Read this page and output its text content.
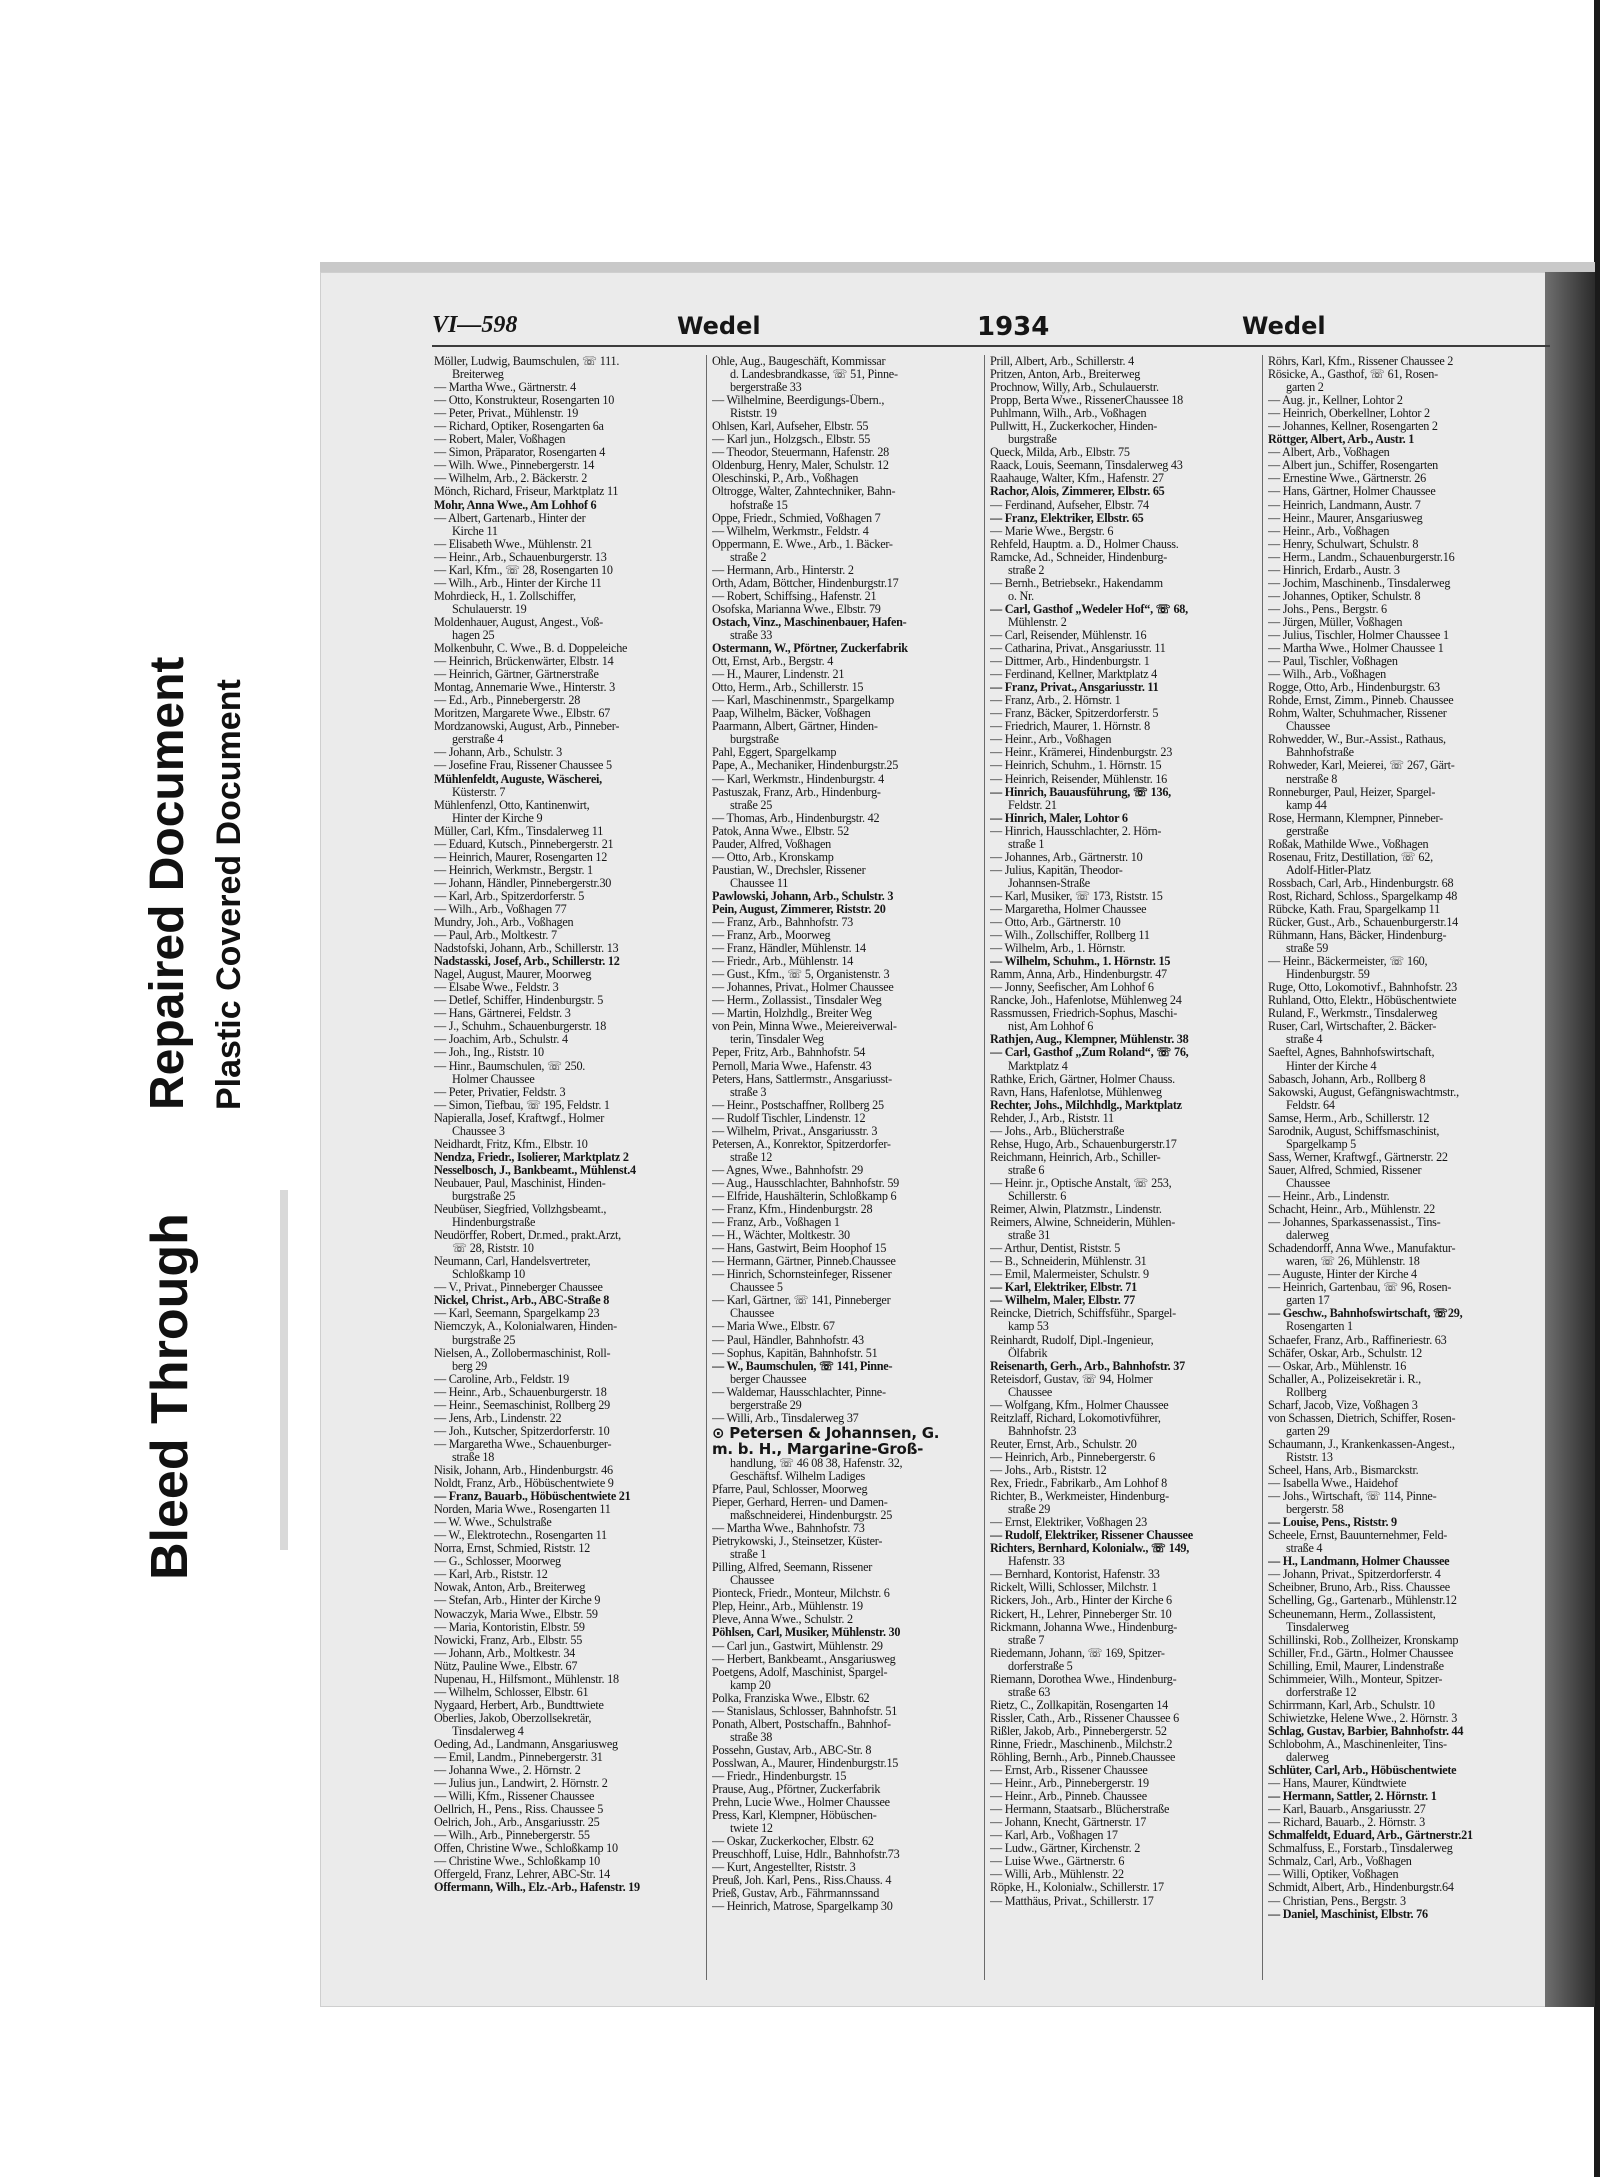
Bleed Through
Repaired Document Plastic Covered Document
VI—598	Wedel	1934	Wedel
Möller, Ludwig, Baumschulen, ☏ 111.
Breiterweg
— Martha Wwe., Gärtnerstr. 4
— Otto, Konstrukteur, Rosengarten 10
— Peter, Privat., Mühlenstr. 19
— Richard, Optiker, Rosengarten 6a
— Robert, Maler, Voßhagen
— Simon, Präparator, Rosengarten 4
— Wilh. Wwe., Pinnebergerstr. 14
— Wilhelm, Arb., 2. Bäckerstr. 2
Mönch, Richard, Friseur, Marktplatz 11
Mohr, Anna Wwe., Am Lohhof 6
— Albert, Gartenarb., Hinter der
Kirche 11
— Elisabeth Wwe., Mühlenstr. 21
— Heinr., Arb., Schauenburgerstr. 13
— Karl, Kfm., ☏ 28, Rosengarten 10
— Wilh., Arb., Hinter der Kirche 11
Mohrdieck, H., 1. Zollschiffer,
Schulauerstr. 19
Moldenhauer, August, Angest., Voß-
hagen 25
Molkenbuhr, C. Wwe., B. d. Doppeleiche
— Heinrich, Brückenwärter, Elbstr. 14
— Heinrich, Gärtner, Gärtnerstraße
Montag, Annemarie Wwe., Hinterstr. 3
— Ed., Arb., Pinnebergerstr. 28
Moritzen, Margarete Wwe., Elbstr. 67
Mordzanowski, August, Arb., Pinneber-
gerstraße 4
— Johann, Arb., Schulstr. 3
— Josefine Frau, Rissener Chaussee 5
Mühlenfeldt, Auguste, Wäscherei,
Küsterstr. 7
Mühlenfenzl, Otto, Kantinenwirt,
Hinter der Kirche 9
Müller, Carl, Kfm., Tinsdalerweg 11
— Eduard, Kutsch., Pinnebergerstr. 21
— Heinrich, Maurer, Rosengarten 12
— Heinrich, Werkmstr., Bergstr. 1
— Johann, Händler, Pinnebergerstr.30
— Karl, Arb., Spitzerdorferstr. 5
— Wilh., Arb., Voßhagen 77
Mundry, Joh., Arb., Voßhagen
— Paul, Arb., Moltkestr. 7
Nadstofski, Johann, Arb., Schillerstr. 13
Nadstasski, Josef, Arb., Schillerstr. 12
Nagel, August, Maurer, Moorweg
— Elsabe Wwe., Feldstr. 3
— Detlef, Schiffer, Hindenburgstr. 5
— Hans, Gärtnerei, Feldstr. 3
— J., Schuhm., Schauenburgerstr. 18
— Joachim, Arb., Schulstr. 4
— Joh., Ing., Riststr. 10
— Hinr., Baumschulen, ☏ 250.
Holmer Chaussee
— Peter, Privatier, Feldstr. 3
— Simon, Tiefbau, ☏ 195, Feldstr. 1
Napieralla, Josef, Kraftwgf., Holmer
Chaussee 3
Neidhardt, Fritz, Kfm., Elbstr. 10
Nendza, Friedr., Isolierer, Marktplatz 2
Nesselbosch, J., Bankbeamt., Mühlenst.4
Neubauer, Paul, Maschinist, Hinden-
burgstraße 25
Neubüser, Siegfried, Vollzhgsbeamt.,
Hindenburgstraße
Neudörffer, Robert, Dr.med., prakt.Arzt,
☏ 28, Riststr. 10
Neumann, Carl, Handelsvertreter,
Schloßkamp 10
— V., Privat., Pinneberger Chaussee
Nickel, Christ., Arb., ABC-Straße 8
— Karl, Seemann, Spargelkamp 23
Niemczyk, A., Kolonialwaren, Hinden-
burgstraße 25
Nielsen, A., Zollobermaschinist, Roll-
berg 29
— Caroline, Arb., Feldstr. 19
— Heinr., Arb., Schauenburgerstr. 18
— Heinr., Seemaschinist, Rollberg 29
— Jens, Arb., Lindenstr. 22
— Joh., Kutscher, Spitzerdorferstr. 10
— Margaretha Wwe., Schauenburger-
straße 18
Nisik, Johann, Arb., Hindenburgstr. 46
Noldt, Franz, Arb., Höbüschentwiete 9
— Franz, Bauarb., Höbüschentwiete 21
Norden, Maria Wwe., Rosengarten 11
— W. Wwe., Schulstraße
— W., Elektrotechn., Rosengarten 11
Norra, Ernst, Schmied, Riststr. 12
— G., Schlosser, Moorweg
— Karl, Arb., Riststr. 12
Nowak, Anton, Arb., Breiterweg
— Stefan, Arb., Hinter der Kirche 9
Nowaczyk, Maria Wwe., Elbstr. 59
— Maria, Kontoristin, Elbstr. 59
Nowicki, Franz, Arb., Elbstr. 55
— Johann, Arb., Moltkestr. 34
Nütz, Pauline Wwe., Elbstr. 67
Nupenau, H., Hilfsmont., Mühlenstr. 18
— Wilhelm, Schlosser, Elbstr. 61
Nygaard, Herbert, Arb., Bundttwiete
Oberlies, Jakob, Oberzollsekretär,
Tinsdalerweg 4
Oeding, Ad., Landmann, Ansgariusweg
— Emil, Landm., Pinnebergerstr. 31
— Johanna Wwe., 2. Hörnstr. 2
— Julius jun., Landwirt, 2. Hörnstr. 2
— Willi, Kfm., Rissener Chaussee
Oellrich, H., Pens., Riss. Chaussee 5
Oelrich, Joh., Arb., Ansgariusstr. 25
— Wilh., Arb., Pinnebergerstr. 55
Offen, Christine Wwe., Schloßkamp 10
— Christine Wwe., Schloßkamp 10
Offergeld, Franz, Lehrer, ABC-Str. 14
Offermann, Wilh., Elz.-Arb., Hafenstr. 19
Ohle, Aug., Baugeschäft, Kommissar
d. Landesbrandkasse, ☏ 51, Pinne-
bergerstraße 33
— Wilhelmine, Beerdigungs-Übern.,
Riststr. 19
Ohlsen, Karl, Aufseher, Elbstr. 55
— Karl jun., Holzgsch., Elbstr. 55
— Theodor, Steuermann, Hafenstr. 28
Oldenburg, Henry, Maler, Schulstr. 12
Oleschinski, P., Arb., Voßhagen
Oltrogge, Walter, Zahntechniker, Bahn-
hofstraße 15
Oppe, Friedr., Schmied, Voßhagen 7
— Wilhelm, Werkmstr., Feldstr. 4
Oppermann, E. Wwe., Arb., 1. Bäcker-
straße 2
— Hermann, Arb., Hinterstr. 2
Orth, Adam, Böttcher, Hindenburgstr.17
— Robert, Schiffsing., Hafenstr. 21
Osofska, Marianna Wwe., Elbstr. 79
Ostach, Vinz., Maschinenbauer, Hafen-
straße 33
Ostermann, W., Pförtner, Zuckerfabrik
Ott, Ernst, Arb., Bergstr. 4
— H., Maurer, Lindenstr. 21
Otto, Herm., Arb., Schillerstr. 15
— Karl, Maschinenmstr., Spargelkamp
Paap, Wilhelm, Bäcker, Voßhagen
Paarmann, Albert, Gärtner, Hinden-
burgstraße
Pahl, Eggert, Spargelkamp
Pape, A., Mechaniker, Hindenburgstr.25
— Karl, Werkmstr., Hindenburgstr. 4
Pastuszak, Franz, Arb., Hindenburg-
straße 25
— Thomas, Arb., Hindenburgstr. 42
Patok, Anna Wwe., Elbstr. 52
Pauder, Alfred, Voßhagen
— Otto, Arb., Kronskamp
Paustian, W., Drechsler, Rissener
Chaussee 11
Pawlowski, Johann, Arb., Schulstr. 3
Pein, August, Zimmerer, Riststr. 20
— Franz, Arb., Bahnhofstr. 73
— Franz, Arb., Moorweg
— Franz, Händler, Mühlenstr. 14
— Friedr., Arb., Mühlenstr. 14
— Gust., Kfm., ☏ 5, Organistenstr. 3
— Johannes, Privat., Holmer Chaussee
— Herm., Zollassist., Tinsdaler Weg
— Martin, Holzhdlg., Breiter Weg
von Pein, Minna Wwe., Meiereiverwal-
terin, Tinsdaler Weg
Peper, Fritz, Arb., Bahnhofstr. 54
Pernoll, Maria Wwe., Hafenstr. 43
Peters, Hans, Sattlermstr., Ansgariusst-
straße 3
— Heinr., Postschaffner, Rollberg 25
— Rudolf Tischler, Lindenstr. 12
— Wilhelm, Privat., Ansgariusstr. 3
Petersen, A., Konrektor, Spitzerdorfer-
straße 12
— Agnes, Wwe., Bahnhofstr. 29
— Aug., Hausschlachter, Bahnhofstr. 59
— Elfride, Haushälterin, Schloßkamp 6
— Franz, Kfm., Hindenburgstr. 28
— Franz, Arb., Voßhagen 1
— H., Wächter, Moltkestr. 30
— Hans, Gastwirt, Beim Hoophof 15
— Hermann, Gärtner, Pinneb.Chaussee
— Hinrich, Schornsteinfeger, Rissener
Chaussee 5
— Karl, Gärtner, ☏ 141, Pinneberger
Chaussee
— Maria Wwe., Elbstr. 67
— Paul, Händler, Bahnhofstr. 43
— Sophus, Kapitän, Bahnhofstr. 51
— W., Baumschulen, ☏ 141, Pinne-
berger Chaussee
— Waldemar, Hausschlachter, Pinne-
bergerstraße 29
— Willi, Arb., Tinsdalerweg 37
⊙ Petersen & Johannsen, G.
m. b. H., Margarine-Groß-
handlung, ☏ 46 08 38, Hafenstr. 32,
Geschäftsf. Wilhelm Ladiges
Pfarre, Paul, Schlosser, Moorweg
Pieper, Gerhard, Herren- und Damen-
maßschneiderei, Hindenburgstr. 25
— Martha Wwe., Bahnhofstr. 73
Pietrykowski, J., Steinsetzer, Küster-
straße 1
Pilling, Alfred, Seemann, Rissener
Chaussee
Pionteck, Friedr., Monteur, Milchstr. 6
Plep, Heinr., Arb., Mühlenstr. 19
Pleve, Anna Wwe., Schulstr. 2
Pöhlsen, Carl, Musiker, Mühlenstr. 30
— Carl jun., Gastwirt, Mühlenstr. 29
— Herbert, Bankbeamt., Ansgariusweg
Poetgens, Adolf, Maschinist, Spargel-
kamp 20
Polka, Franziska Wwe., Elbstr. 62
— Stanislaus, Schlosser, Bahnhofstr. 51
Ponath, Albert, Postschaffn., Bahnhof-
straße 38
Possehn, Gustav, Arb., ABC-Str. 8
Posslwan, A., Maurer, Hindenburgstr.15
— Friedr., Hindenburgstr. 15
Prause, Aug., Pförtner, Zuckerfabrik
Prehn, Lucie Wwe., Holmer Chaussee
Press, Karl, Klempner, Höbüschen-
twiete 12
— Oskar, Zuckerkocher, Elbstr. 62
Preuschhoff, Luise, Hdlr., Bahnhofstr.73
— Kurt, Angestellter, Riststr. 3
Preuß, Joh. Karl, Pens., Riss.Chauss. 4
Prieß, Gustav, Arb., Fährmannssand
— Heinrich, Matrose, Spargelkamp 30
Prill, Albert, Arb., Schillerstr. 4
Pritzen, Anton, Arb., Breiterweg
Prochnow, Willy, Arb., Schulauerstr.
Propp, Berta Wwe., RissenerChaussee 18
Puhlmann, Wilh., Arb., Voßhagen
Pullwitt, H., Zuckerkocher, Hinden-
burgstraße
Queck, Milda, Arb., Elbstr. 75
Raack, Louis, Seemann, Tinsdalerweg 43
Raahauge, Walter, Kfm., Hafenstr. 27
Rachor, Alois, Zimmerer, Elbstr. 65
— Ferdinand, Aufseher, Elbstr. 74
— Franz, Elektriker, Elbstr. 65
— Marie Wwe., Bergstr. 6
Rehfeld, Hauptm. a. D., Holmer Chauss.
Ramcke, Ad., Schneider, Hindenburg-
straße 2
— Bernh., Betriebsekr., Hakendamm
o. Nr.
— Carl, Gasthof „Wedeler Hof“, ☏ 68,
Mühlenstr. 2
— Carl, Reisender, Mühlenstr. 16
— Catharina, Privat., Ansgariusstr. 11
— Dittmer, Arb., Hindenburgstr. 1
— Ferdinand, Kellner, Marktplatz 4
— Franz, Privat., Ansgariusstr. 11
— Franz, Arb., 2. Hörnstr. 1
— Franz, Bäcker, Spitzerdorferstr. 5
— Friedrich, Maurer, 1. Hörnstr. 8
— Heinr., Arb., Voßhagen
— Heinr., Krämerei, Hindenburgstr. 23
— Heinrich, Schuhm., 1. Hörnstr. 15
— Heinrich, Reisender, Mühlenstr. 16
— Hinrich, Bauausführung, ☏ 136,
Feldstr. 21
— Hinrich, Maler, Lohtor 6
— Hinrich, Hausschlachter, 2. Hörn-
straße 1
— Johannes, Arb., Gärtnerstr. 10
— Julius, Kapitän, Theodor-
Johannsen-Straße
— Karl, Musiker, ☏ 173, Riststr. 15
— Margaretha, Holmer Chaussee
— Otto, Arb., Gärtnerstr. 10
— Wilh., Zollschiffer, Rollberg 11
— Wilhelm, Arb., 1. Hörnstr.
— Wilhelm, Schuhm., 1. Hörnstr. 15
Ramm, Anna, Arb., Hindenburgstr. 47
— Jonny, Seefischer, Am Lohhof 6
Rancke, Joh., Hafenlotse, Mühlenweg 24
Rassmussen, Friedrich-Sophus, Maschi-
nist, Am Lohhof 6
Rathjen, Aug., Klempner, Mühlenstr. 38
— Carl, Gasthof „Zum Roland“, ☏ 76,
Marktplatz 4
Rathke, Erich, Gärtner, Holmer Chauss.
Ravn, Hans, Hafenlotse, Mühlenweg
Rechter, Johs., Milchhdlg., Marktplatz
Rehder, J., Arb., Riststr. 11
— Johs., Arb., Blücherstraße
Rehse, Hugo, Arb., Schauenburgerstr.17
Reichmann, Heinrich, Arb., Schiller-
straße 6
— Heinr. jr., Optische Anstalt, ☏ 253,
Schillerstr. 6
Reimer, Alwin, Platzmstr., Lindenstr.
Reimers, Alwine, Schneiderin, Mühlen-
straße 31
— Arthur, Dentist, Riststr. 5
— B., Schneiderin, Mühlenstr. 31
— Emil, Malermeister, Schulstr. 9
— Karl, Elektriker, Elbstr. 71
— Wilhelm, Maler, Elbstr. 77
Reincke, Dietrich, Schiffsführ., Spargel-
kamp 53
Reinhardt, Rudolf, Dipl.-Ingenieur,
Ölfabrik
Reisenarth, Gerh., Arb., Bahnhofstr. 37
Reteisdorf, Gustav, ☏ 94, Holmer
Chaussee
— Wolfgang, Kfm., Holmer Chaussee
Reitzlaff, Richard, Lokomotivführer,
Bahnhofstr. 23
Reuter, Ernst, Arb., Schulstr. 20
— Heinrich, Arb., Pinnebergerstr. 6
— Johs., Arb., Riststr. 12
Rex, Friedr., Fabrikarb., Am Lohhof 8
Richter, B., Werkmeister, Hindenburg-
straße 29
— Ernst, Elektriker, Voßhagen 23
— Rudolf, Elektriker, Rissener Chaussee
Richters, Bernhard, Kolonialw., ☏ 149,
Hafenstr. 33
— Bernhard, Kontorist, Hafenstr. 33
Rickelt, Willi, Schlosser, Milchstr. 1
Rickers, Joh., Arb., Hinter der Kirche 6
Rickert, H., Lehrer, Pinneberger Str. 10
Rickmann, Johanna Wwe., Hindenburg-
straße 7
Riedemann, Johann, ☏ 169, Spitzer-
dorferstraße 5
Riemann, Dorothea Wwe., Hindenburg-
straße 63
Rietz, C., Zollkapitän, Rosengarten 14
Rissler, Cath., Arb., Rissener Chaussee 6
Rißler, Jakob, Arb., Pinnebergerstr. 52
Rinne, Friedr., Maschinenb., Milchstr.2
Röhling, Bernh., Arb., Pinneb.Chaussee
— Ernst, Arb., Rissener Chaussee
— Heinr., Arb., Pinnebergerstr. 19
— Heinr., Arb., Pinneb. Chaussee
— Hermann, Staatsarb., Blücherstraße
— Johann, Knecht, Gärtnerstr. 17
— Karl, Arb., Voßhagen 17
— Ludw., Gärtner, Kirchenstr. 2
— Luise Wwe., Gärtnerstr. 6
— Willi, Arb., Mühlenstr. 22
Röpke, H., Kolonialw., Schillerstr. 17
— Matthäus, Privat., Schillerstr. 17
Röhrs, Karl, Kfm., Rissener Chaussee 2
Rösicke, A., Gasthof, ☏ 61, Rosen-
garten 2
— Aug. jr., Kellner, Lohtor 2
— Heinrich, Oberkellner, Lohtor 2
— Johannes, Kellner, Rosengarten 2
Röttger, Albert, Arb., Austr. 1
— Albert, Arb., Voßhagen
— Albert jun., Schiffer, Rosengarten
— Ernestine Wwe., Gärtnerstr. 26
— Hans, Gärtner, Holmer Chaussee
— Heinrich, Landmann, Austr. 7
— Heinr., Maurer, Ansgariusweg
— Heinr., Arb., Voßhagen
— Henry, Schulwart, Schulstr. 8
— Herm., Landm., Schauenburgerstr.16
— Hinrich, Erdarb., Austr. 3
— Jochim, Maschinenb., Tinsdalerweg
— Johannes, Optiker, Schulstr. 8
— Johs., Pens., Bergstr. 6
— Jürgen, Müller, Voßhagen
— Julius, Tischler, Holmer Chaussee 1
— Martha Wwe., Holmer Chaussee 1
— Paul, Tischler, Voßhagen
— Wilh., Arb., Voßhagen
Rogge, Otto, Arb., Hindenburgstr. 63
Rohde, Ernst, Zimm., Pinneb. Chaussee
Rohm, Walter, Schuhmacher, Rissener
Chaussee
Rohwedder, W., Bur.-Assist., Rathaus,
Bahnhofstraße
Rohweder, Karl, Meierei, ☏ 267, Gärt-
nerstraße 8
Ronneburger, Paul, Heizer, Spargel-
kamp 44
Rose, Hermann, Klempner, Pinneber-
gerstraße
Roßak, Mathilde Wwe., Voßhagen
Rosenau, Fritz, Destillation, ☏ 62,
Adolf-Hitler-Platz
Rossbach, Carl, Arb., Hindenburgstr. 68
Rost, Richard, Schloss., Spargelkamp 48
Rübcke, Kath. Frau, Spargelkamp 11
Rücker, Gust., Arb., Schauenburgerstr.14
Rühmann, Hans, Bäcker, Hindenburg-
straße 59
— Heinr., Bäckermeister, ☏ 160,
Hindenburgstr. 59
Ruge, Otto, Lokomotivf., Bahnhofstr. 23
Ruhland, Otto, Elektr., Höbüschentwiete
Ruland, F., Werkmstr., Tinsdalerweg
Ruser, Carl, Wirtschafter, 2. Bäcker-
straße 4
Saeftel, Agnes, Bahnhofswirtschaft,
Hinter der Kirche 4
Sabasch, Johann, Arb., Rollberg 8
Sakowski, August, Gefängniswachtmstr.,
Feldstr. 64
Samse, Herm., Arb., Schillerstr. 12
Sarodnik, August, Schiffsmaschinist,
Spargelkamp 5
Sass, Werner, Kraftwgf., Gärtnerstr. 22
Sauer, Alfred, Schmied, Rissener
Chaussee
— Heinr., Arb., Lindenstr.
Schacht, Heinr., Arb., Mühlenstr. 22
— Johannes, Sparkassenassist., Tins-
dalerweg
Schadendorff, Anna Wwe., Manufaktur-
waren, ☏ 26, Mühlenstr. 18
— Auguste, Hinter der Kirche 4
— Heinrich, Gartenbau, ☏ 96, Rosen-
garten 17
— Geschw., Bahnhofswirtschaft, ☏29,
Rosengarten 1
Schaefer, Franz, Arb., Raffineriestr. 63
Schäfer, Oskar, Arb., Schulstr. 12
— Oskar, Arb., Mühlenstr. 16
Schaller, A., Polizeisekretär i. R.,
Rollberg
Scharf, Jacob, Vize, Voßhagen 3
von Schassen, Dietrich, Schiffer, Rosen-
garten 29
Schaumann, J., Krankenkassen-Angest.,
Riststr. 13
Scheel, Hans, Arb., Bismarckstr.
— Isabella Wwe., Haidehof
— Johs., Wirtschaft, ☏ 114, Pinne-
bergerstr. 58
— Louise, Pens., Riststr. 9
Scheele, Ernst, Bauunternehmer, Feld-
straße 4
— H., Landmann, Holmer Chaussee
— Johann, Privat., Spitzerdorferstr. 4
Scheibner, Bruno, Arb., Riss. Chaussee
Schelling, Gg., Gartenarb., Mühlenstr.12
Scheunemann, Herm., Zollassistent,
Tinsdalerweg
Schillinski, Rob., Zollheizer, Kronskamp
Schiller, Fr.d., Gärtn., Holmer Chaussee
Schilling, Emil, Maurer, Lindenstraße
Schimmeier, Wilh., Monteur, Spitzer-
dorferstraße 12
Schirrmann, Karl, Arb., Schulstr. 10
Schiwietzke, Helene Wwe., 2. Hörnstr. 3
Schlag, Gustav, Barbier, Bahnhofstr. 44
Schlobohm, A., Maschinenleiter, Tins-
dalerweg
Schlüter, Carl, Arb., Höbüschentwiete
— Hans, Maurer, Kündtwiete
— Hermann, Sattler, 2. Hörnstr. 1
— Karl, Bauarb., Ansgariusstr. 27
— Richard, Bauarb., 2. Hörnstr. 3
Schmalfeldt, Eduard, Arb., Gärtnerstr.21
Schmalfuss, E., Forstarb., Tinsdalerweg
Schmalz, Carl, Arb., Voßhagen
— Willi, Optiker, Voßhagen
Schmidt, Albert, Arb., Hindenburgstr.64
— Christian, Pens., Bergstr. 3
— Daniel, Maschinist, Elbstr. 76
